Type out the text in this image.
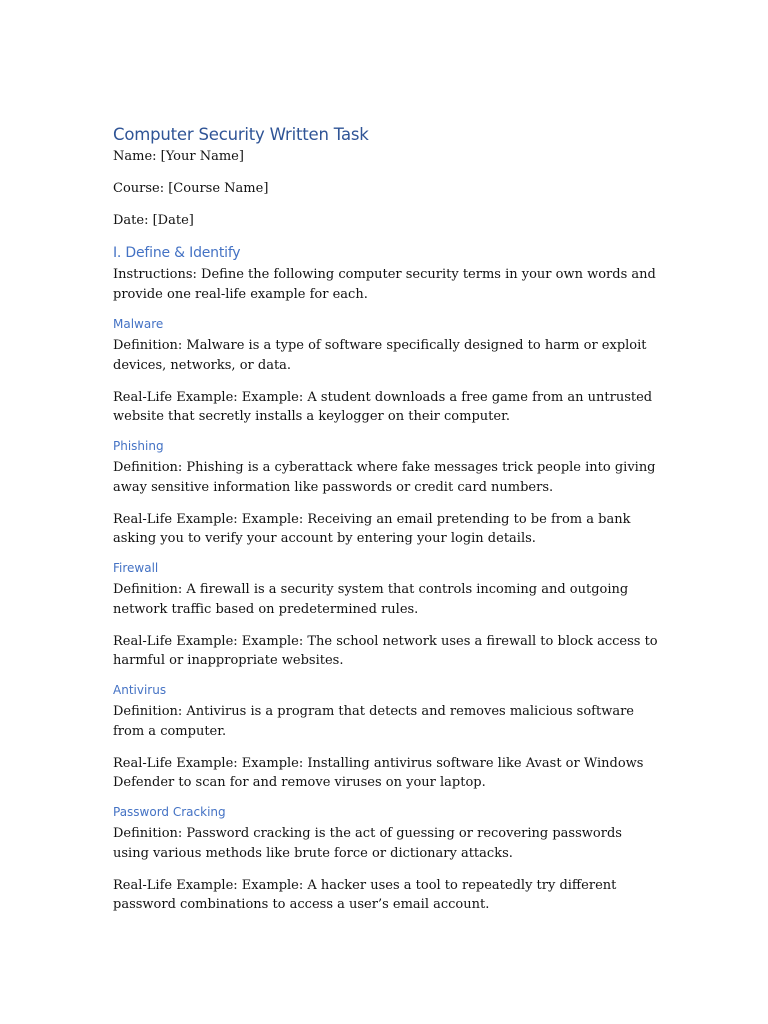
Computer Security Written Task

Name: [Your Name]

Course: [Course Name]

Date: [Date]

I. Define & Identify

Instructions: Define the following computer security terms in your own words and provide one real-life example for each.

Malware

Definition: Malware is a type of software specifically designed to harm or exploit devices, networks, or data.

Real-Life Example: Example: A student downloads a free game from an untrusted website that secretly installs a keylogger on their computer.

Phishing

Definition: Phishing is a cyberattack where fake messages trick people into giving away sensitive information like passwords or credit card numbers.

Real-Life Example: Example: Receiving an email pretending to be from a bank asking you to verify your account by entering your login details.

Firewall

Definition: A firewall is a security system that controls incoming and outgoing network traffic based on predetermined rules.

Real-Life Example: Example: The school network uses a firewall to block access to harmful or inappropriate websites.

Antivirus

Definition: Antivirus is a program that detects and removes malicious software from a computer.

Real-Life Example: Example: Installing antivirus software like Avast or Windows Defender to scan for and remove viruses on your laptop.

Password Cracking

Definition: Password cracking is the act of guessing or recovering passwords using various methods like brute force or dictionary attacks.

Real-Life Example: Example: A hacker uses a tool to repeatedly try different password combinations to access a user’s email account.
